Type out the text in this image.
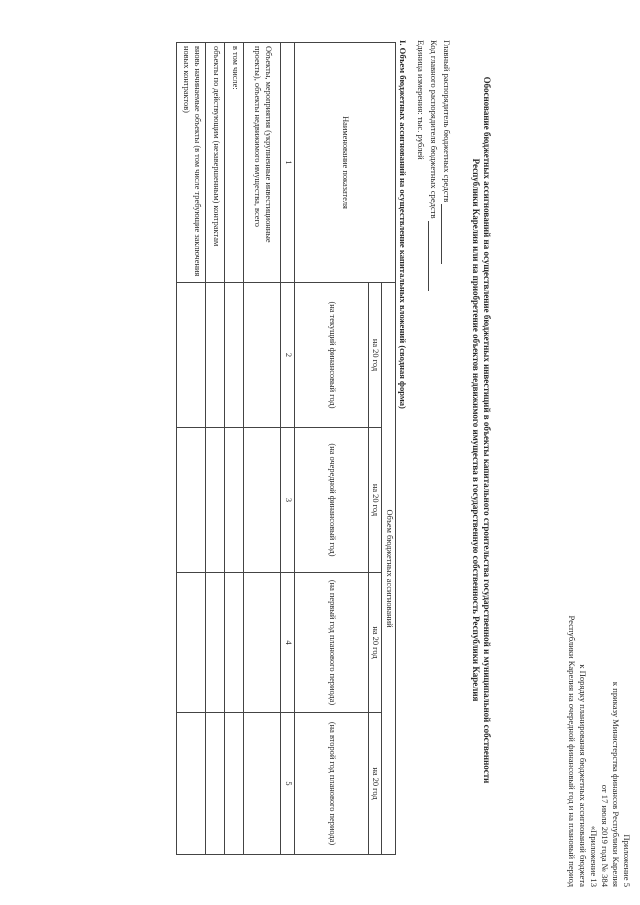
Приложение 5
к приказу Министерства финансов Республики Карелия
от 17 июля 2019 года № 384
«Приложение 13
к Порядку планирования бюджетных ассигнований бюджета
Республики Карелия на очередной финансовый год и на плановый период
Обоснование бюджетных ассигнований на осуществление бюджетных инвестиций в объекты капитального строительства государственной и муниципальной собственности
Республики Карелия или на приобретение объектов недвижимого имущества в государственную собственность Республики Карелия
Главный распорядитель бюджетных средств
Код главного распорядителя бюджетных средств
Единица измерения: тыс. рублей
I. Объем бюджетных ассигнований на осуществление капитальных вложений (сводная форма)
Наименование показателя	Объем бюджетных ассигнований			
	на 20 год	на 20 год	на 20 год	на 20 год
	(на текущий финансовый год)	(на очередной финансовый год)	(на первый год планового периода)	(на второй год планового периода)
1	2	3	4	5
Объекты, мероприятия (укрупненные инвестиционные проекты), объекты недвижимого имущества, всего				
в том числе:				
объекты по действующим (незавершенным) контрактам				
вновь начинаемые объекты (в том числе требующие заключения новых контрактов)				
